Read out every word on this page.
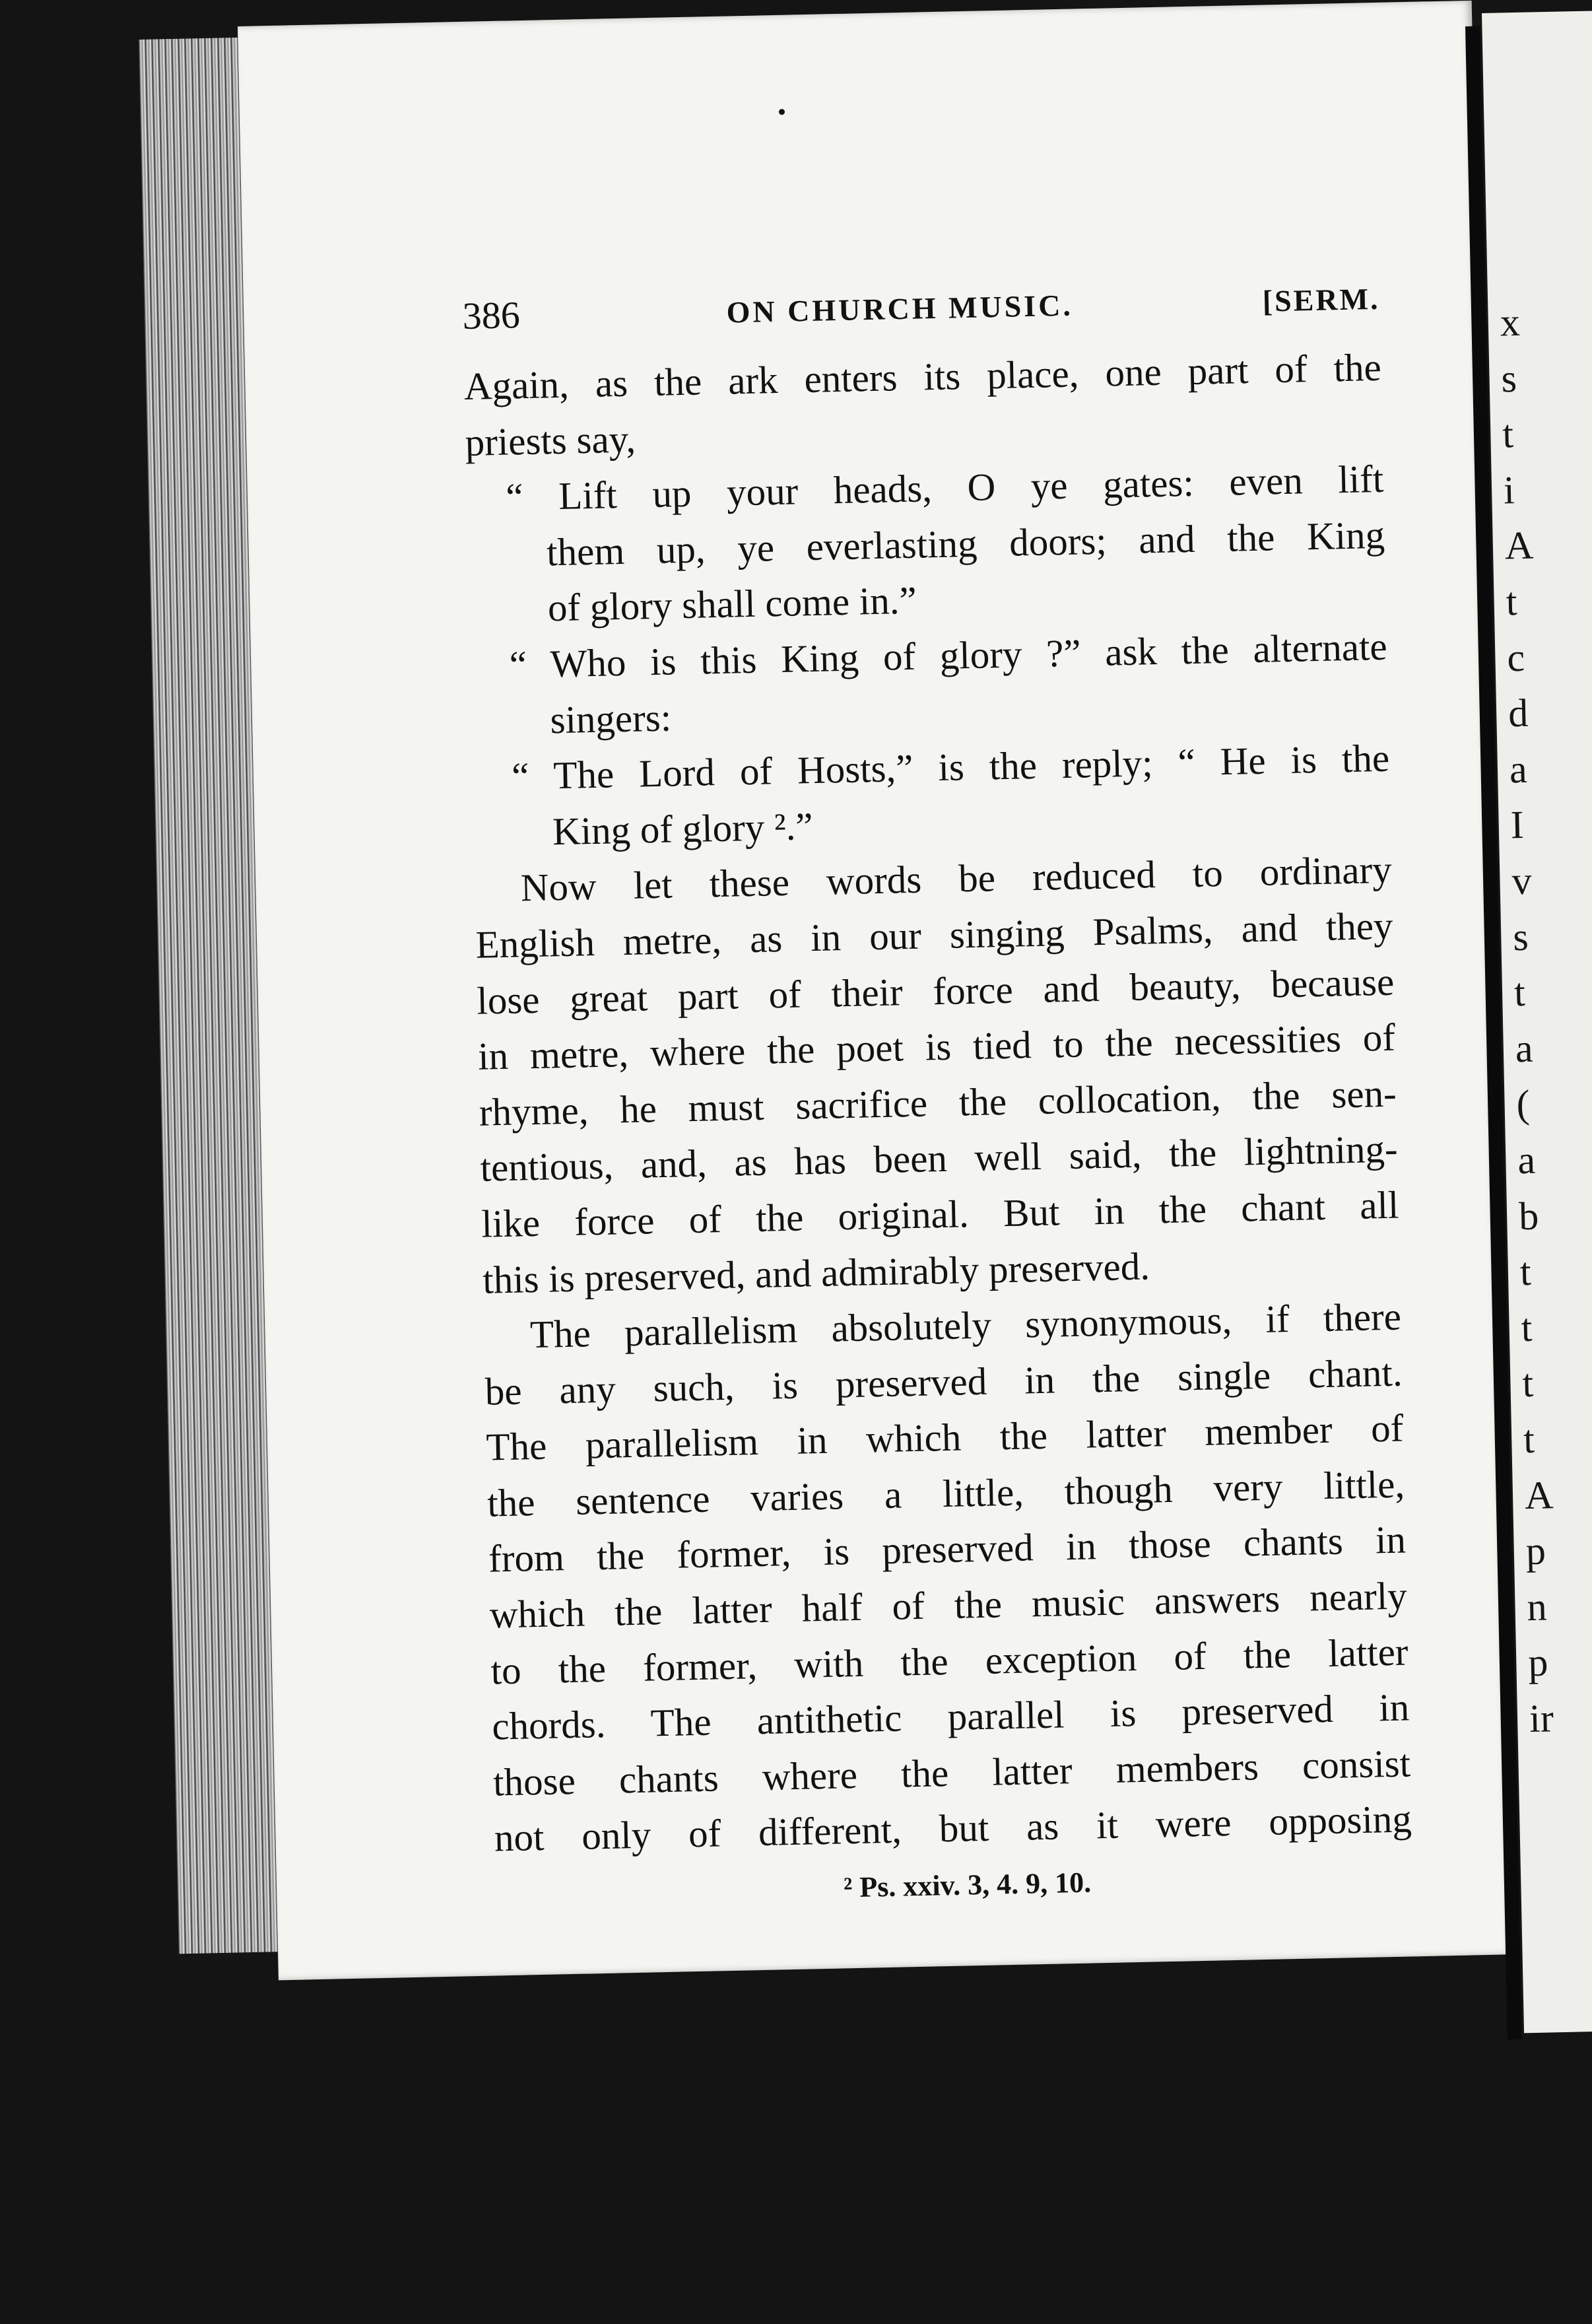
x
s
t
i
A
t
c
d
a
I
v
s
t
a
(
a
b
t
t
t
t
A
p
n
p
ir
386	ON CHURCH MUSIC.	[SERM.
Again, as the ark enters its place, one part of the
priests say,
“ Lift up your heads, O ye gates: even lift
them up, ye everlasting doors; and the King
of glory shall come in.”
“ Who is this King of glory ?” ask the alternate
singers:
“ The Lord of Hosts,” is the reply; “ He is the
King of glory ².”
Now let these words be reduced to ordinary
English metre, as in our singing Psalms, and they
lose great part of their force and beauty, because
in metre, where the poet is tied to the necessities of
rhyme, he must sacrifice the collocation, the sen-
tentious, and, as has been well said, the lightning-
like force of the original. But in the chant all
this is preserved, and admirably preserved.
The parallelism absolutely synonymous, if there
be any such, is preserved in the single chant.
The parallelism in which the latter member of
the sentence varies a little, though very little,
from the former, is preserved in those chants in
which the latter half of the music answers nearly
to the former, with the exception of the latter
chords. The antithetic parallel is preserved in
those chants where the latter members consist
not only of different, but as it were opposing
² Ps. xxiv. 3, 4. 9, 10.
